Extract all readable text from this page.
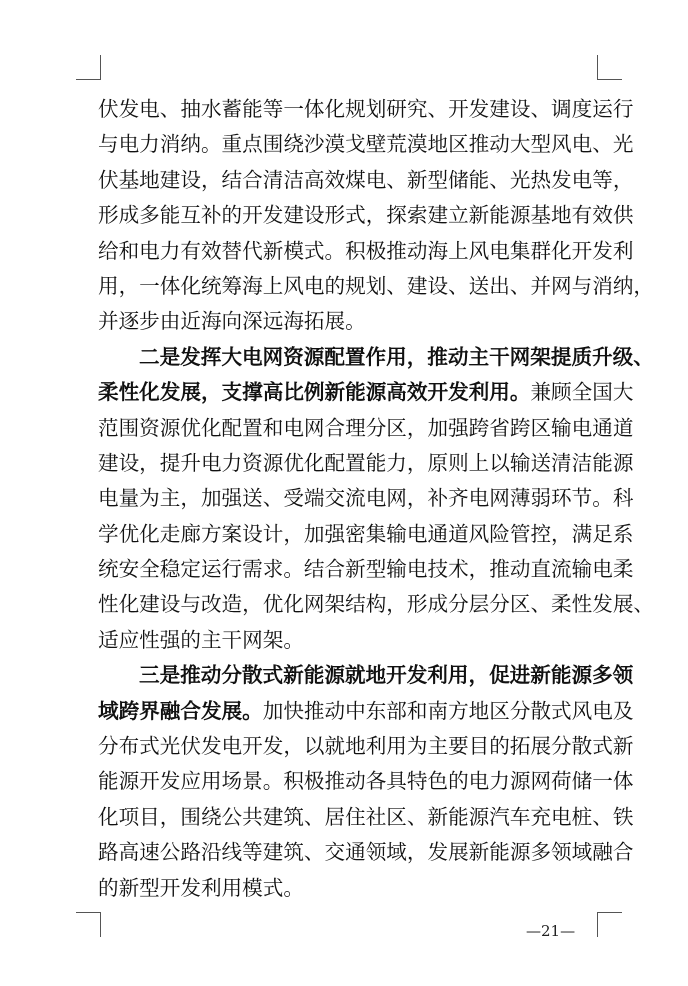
伏发电、抽水蓄能等一体化规划研究、开发建设、调度运行
与电力消纳。重点围绕沙漠戈壁荒漠地区推动大型风电、光
伏基地建设，结合清洁高效煤电、新型储能、光热发电等，
形成多能互补的开发建设形式，探索建立新能源基地有效供
给和电力有效替代新模式。积极推动海上风电集群化开发利
用，一体化统筹海上风电的规划、建设、送出、并网与消纳，
并逐步由近海向深远海拓展。
二是发挥大电网资源配置作用，推动主干网架提质升级、
柔性化发展，支撑高比例新能源高效开发利用。兼顾全国大
范围资源优化配置和电网合理分区，加强跨省跨区输电通道
建设，提升电力资源优化配置能力，原则上以输送清洁能源
电量为主，加强送、受端交流电网，补齐电网薄弱环节。科
学优化走廊方案设计，加强密集输电通道风险管控，满足系
统安全稳定运行需求。结合新型输电技术，推动直流输电柔
性化建设与改造，优化网架结构，形成分层分区、柔性发展、
适应性强的主干网架。
三是推动分散式新能源就地开发利用，促进新能源多领
域跨界融合发展。加快推动中东部和南方地区分散式风电及
分布式光伏发电开发，以就地利用为主要目的拓展分散式新
能源开发应用场景。积极推动各具特色的电力源网荷储一体
化项目，围绕公共建筑、居住社区、新能源汽车充电桩、铁
路高速公路沿线等建筑、交通领域，发展新能源多领域融合
的新型开发利用模式。
—21—
